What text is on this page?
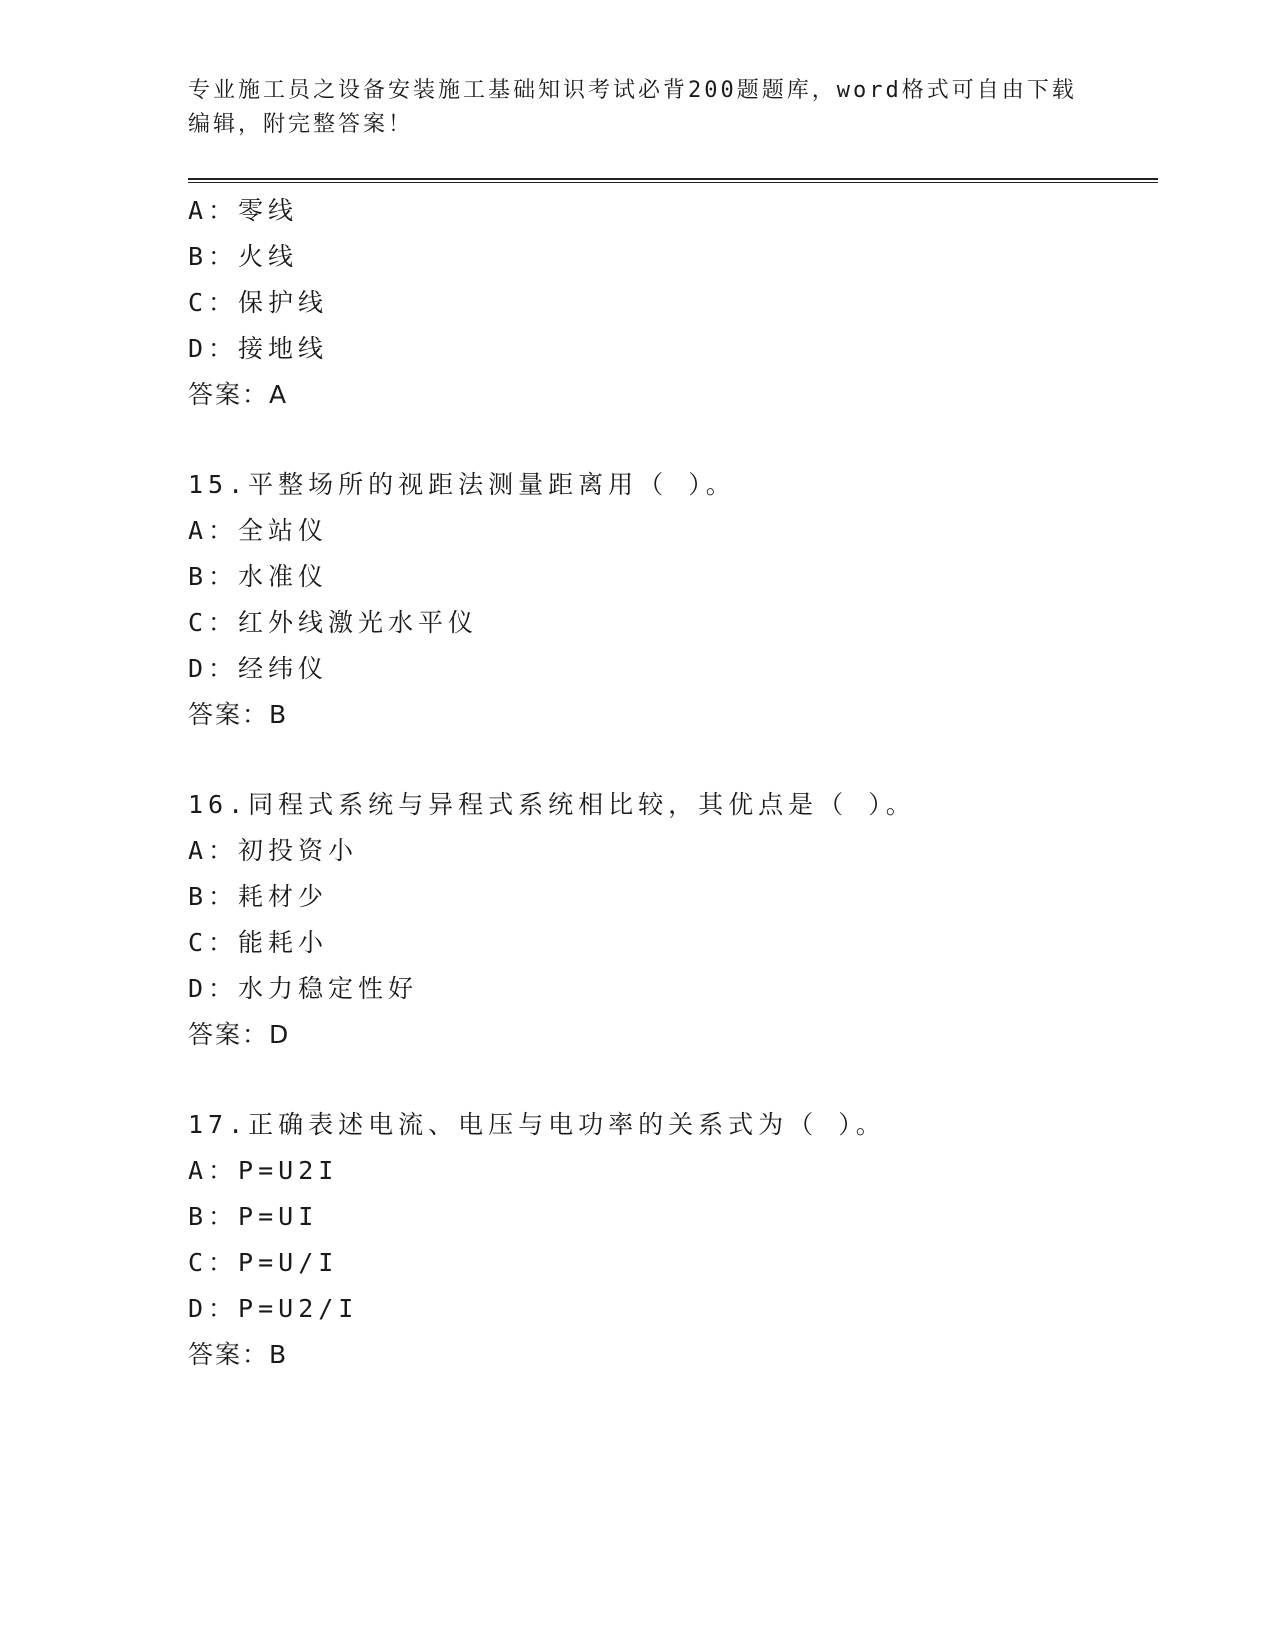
专业施工员之设备安装施工基础知识考试必背200题题库，word格式可自由下载
编辑，附完整答案！
A：零线
B：火线
C：保护线
D：接地线
答案：A
15.平整场所的视距法测量距离用（ ）。
A：全站仪
B：水准仪
C：红外线激光水平仪
D：经纬仪
答案：B
16.同程式系统与异程式系统相比较，其优点是（ ）。
A：初投资小
B：耗材少
C：能耗小
D：水力稳定性好
答案：D
17.正确表述电流、电压与电功率的关系式为（ ）。
A：P=U2I
B：P=UI
C：P=U/I
D：P=U2/I
答案：B
